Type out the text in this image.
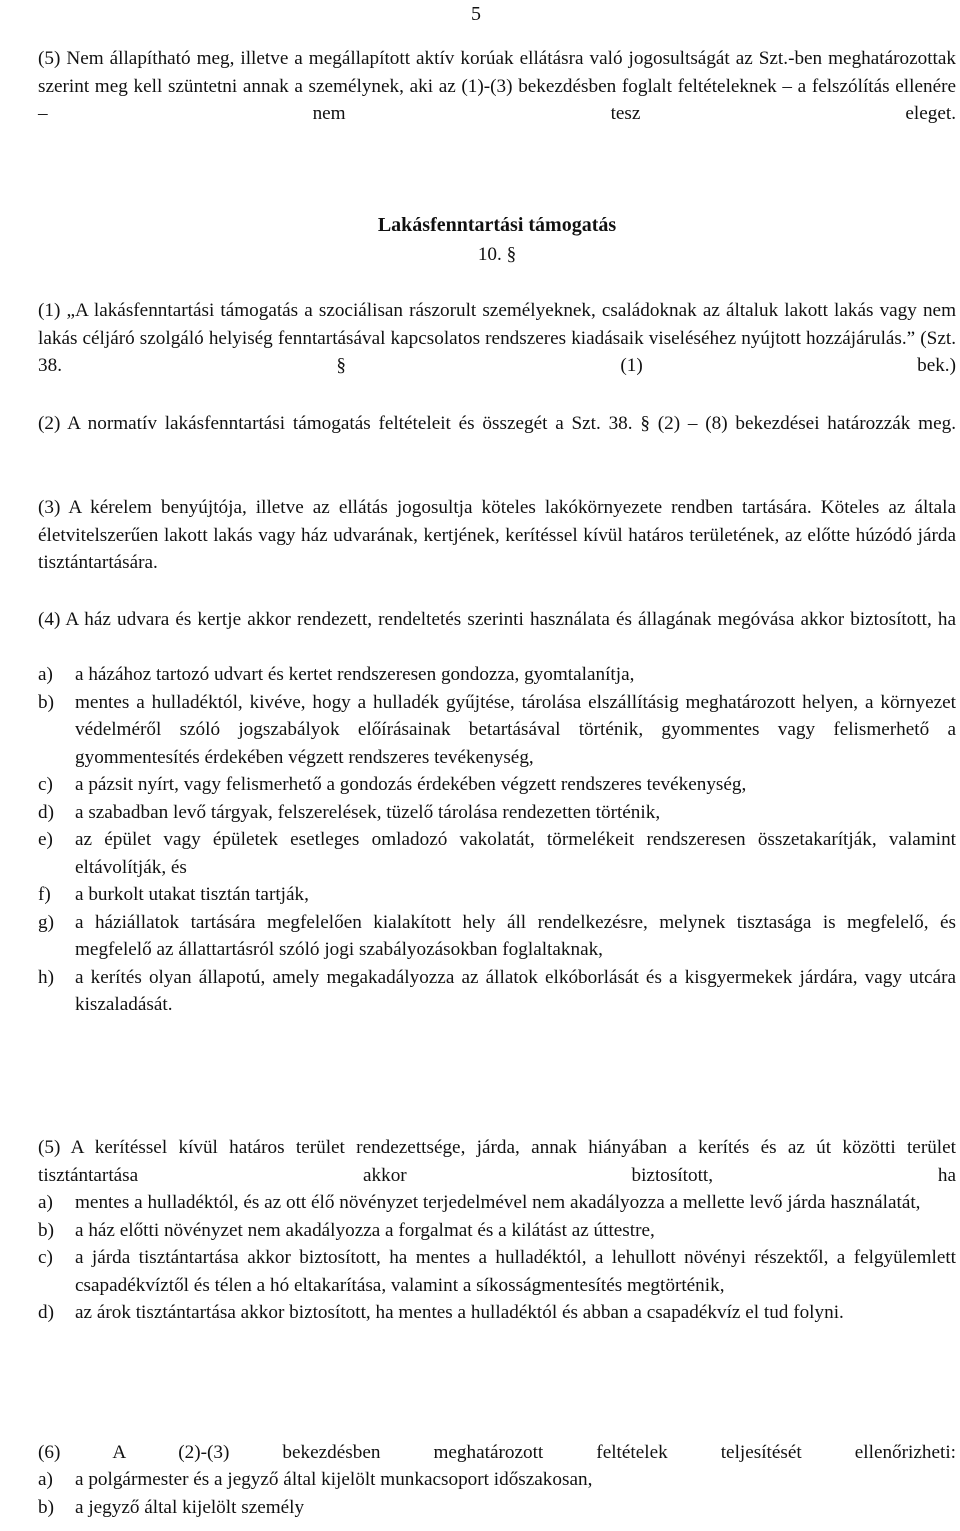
5
(5) Nem állapítható meg, illetve a megállapított aktív korúak ellátásra való jogosultságát az Szt.-ben meghatározottak szerint meg kell szüntetni annak a személynek, aki az (1)-(3) bekezdésben foglalt feltételeknek – a felszólítás ellenére – nem tesz eleget.
Lakásfenntartási támogatás
10. §
(1) „A lakásfenntartási támogatás a szociálisan rászorult személyeknek, családoknak az általuk lakott lakás vagy nem lakás céljáró szolgáló helyiség fenntartásával kapcsolatos rendszeres kiadásaik viseléséhez nyújtott hozzájárulás.” (Szt. 38. § (1) bek.)
(2) A normatív lakásfenntartási támogatás feltételeit és összegét a Szt. 38. § (2) – (8) bekezdései határozzák meg.
(3) A kérelem benyújtója, illetve az ellátás jogosultja köteles lakókörnyezete rendben tartására. Köteles az általa életvitelszerűen lakott lakás vagy ház udvarának, kertjének, kerítéssel kívül határos területének, az előtte húzódó járda tisztántartására.
(4) A ház udvara és kertje akkor rendezett, rendeltetés szerinti használata és állagának megóvása akkor biztosított, ha
a) a házához tartozó udvart és kertet rendszeresen gondozza, gyomtalanítja,
b) mentes a hulladéktól, kivéve, hogy a hulladék gyűjtése, tárolása elszállításig meghatározott helyen, a környezet védelméről szóló jogszabályok előírásainak betartásával történik, gyommentes vagy felismerhető a gyommentesítés érdekében végzett rendszeres tevékenység,
c) a pázsit nyírt, vagy felismerhető a gondozás érdekében végzett rendszeres tevékenység,
d) a szabadban levő tárgyak, felszerelések, tüzelő tárolása rendezetten történik,
e) az épület vagy épületek esetleges omladozó vakolatát, törmelékeit rendszeresen összetakarítják, valamint eltávolítják, és
f) a burkolt utakat tisztán tartják,
g) a háziállatok tartására megfelelően kialakított hely áll rendelkezésre, melynek tisztasága is megfelelő, és megfelelő az állattartásról szóló jogi szabályozásokban foglaltaknak,
h) a kerítés olyan állapotú, amely megakadályozza az állatok elkóborlását és a kisgyermekek járdára, vagy utcára kiszaladását.
(5) A kerítéssel kívül határos terület rendezettsége, járda, annak hiányában a kerítés és az út közötti terület tisztántartása akkor biztosított, ha
a) mentes a hulladéktól, és az ott élő növényzet terjedelmével nem akadályozza a mellette levő járda használatát,
b) a ház előtti növényzet nem akadályozza a forgalmat és a kilátást az úttestre,
c) a járda tisztántartása akkor biztosított, ha mentes a hulladéktól, a lehullott növényi részektől, a felgyülemlett csapadékvíztől és télen a hó eltakarítása, valamint a síkosságmentesítés megtörténik,
d) az árok tisztántartása akkor biztosított, ha mentes a hulladéktól és abban a csapadékvíz el tud folyni.
(6) A (2)-(3) bekezdésben meghatározott feltételek teljesítését ellenőrizheti:
a) a polgármester és a jegyző által kijelölt munkacsoport időszakosan,
b) a jegyző által kijelölt személy
